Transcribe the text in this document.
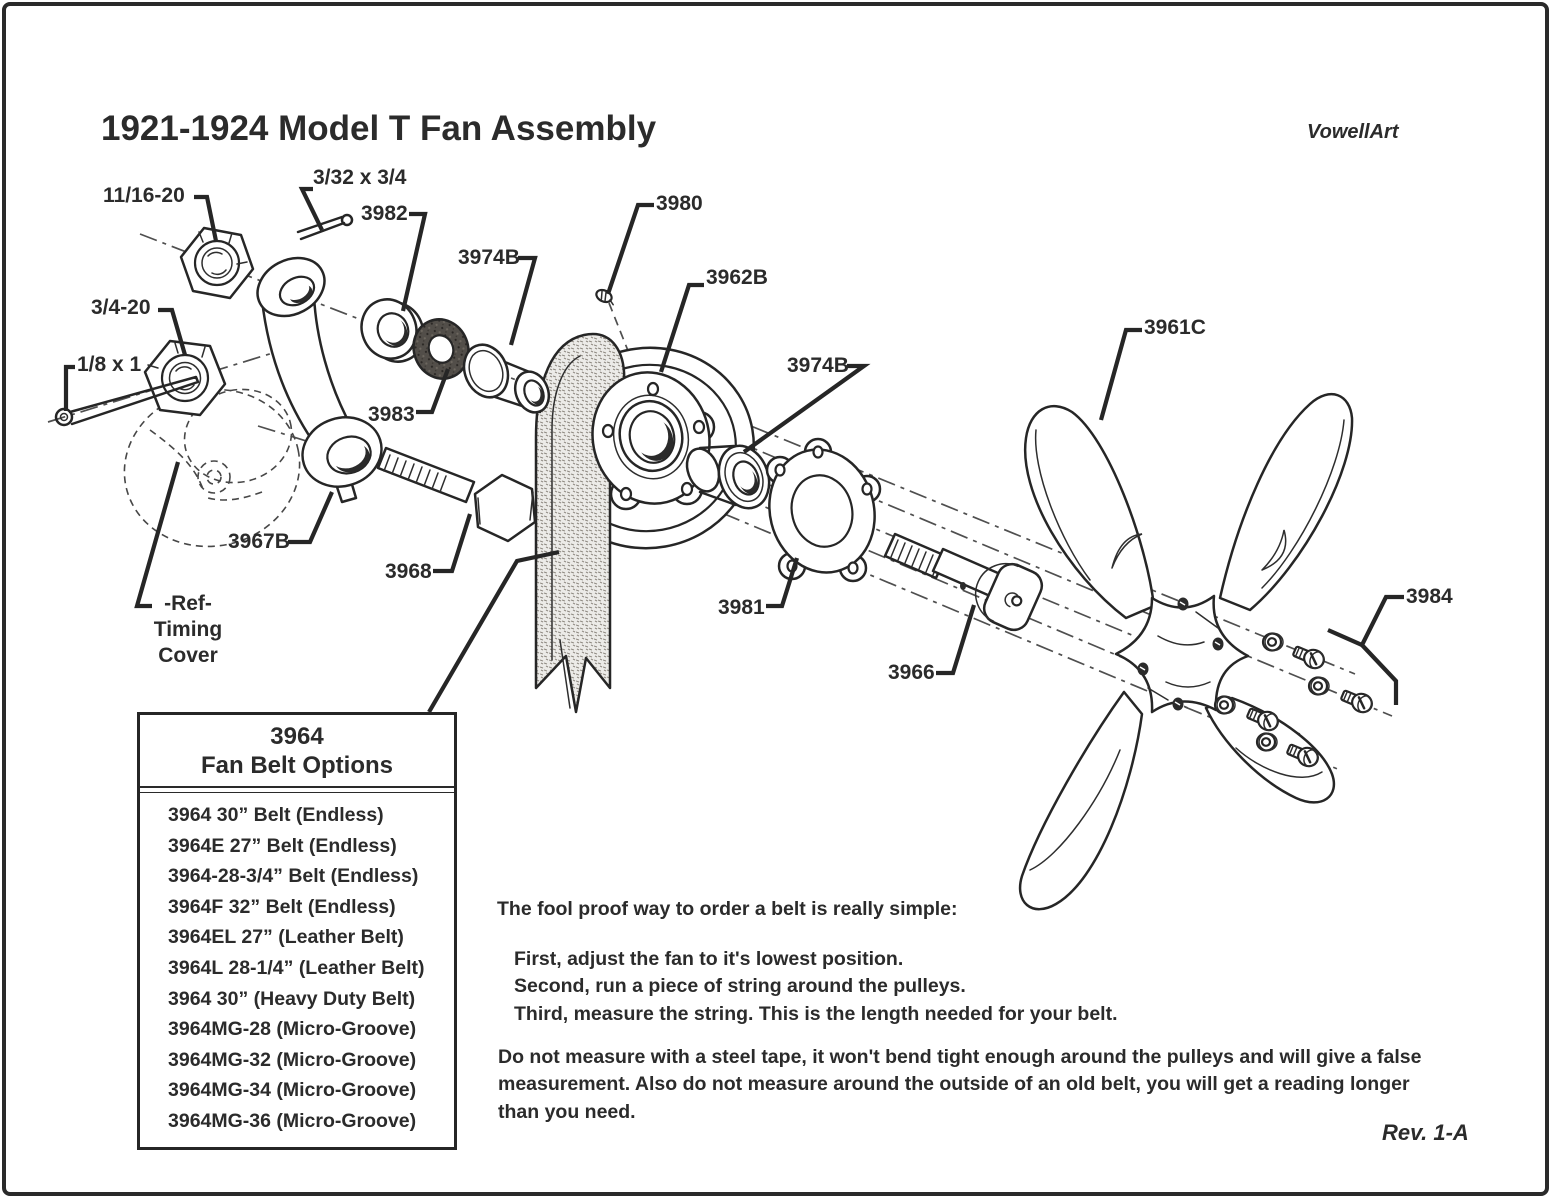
1921-1924 Model T Fan Assembly	VowellArt
Rev. 1-A
11/16-20
3/32 x 3/4
3982
3974B
3980
3962B
3974B
3961C
3/4-20
1/8 x 1
3983
3967B
3968
3981
3966
3984
-Ref-
Timing
Cover
3964
Fan Belt Options
3964 30” Belt (Endless)
3964E 27” Belt (Endless)
3964-28-3/4” Belt (Endless)
3964F 32” Belt (Endless)
3964EL 27” (Leather Belt)
3964L 28-1/4” (Leather Belt)
3964 30” (Heavy Duty Belt)
3964MG-28 (Micro-Groove)
3964MG-32 (Micro-Groove)
3964MG-34 (Micro-Groove)
3964MG-36 (Micro-Groove)
The fool proof way to order a belt is really simple:
First, adjust the fan to it's lowest position.
Second, run a piece of string around the pulleys.
Third, measure the string. This is the length needed for your belt.
Do not measure with a steel tape, it won't bend tight enough around the pulleys and will give a false
measurement. Also do not measure around the outside of an old belt, you will get a reading longer
than you need.
